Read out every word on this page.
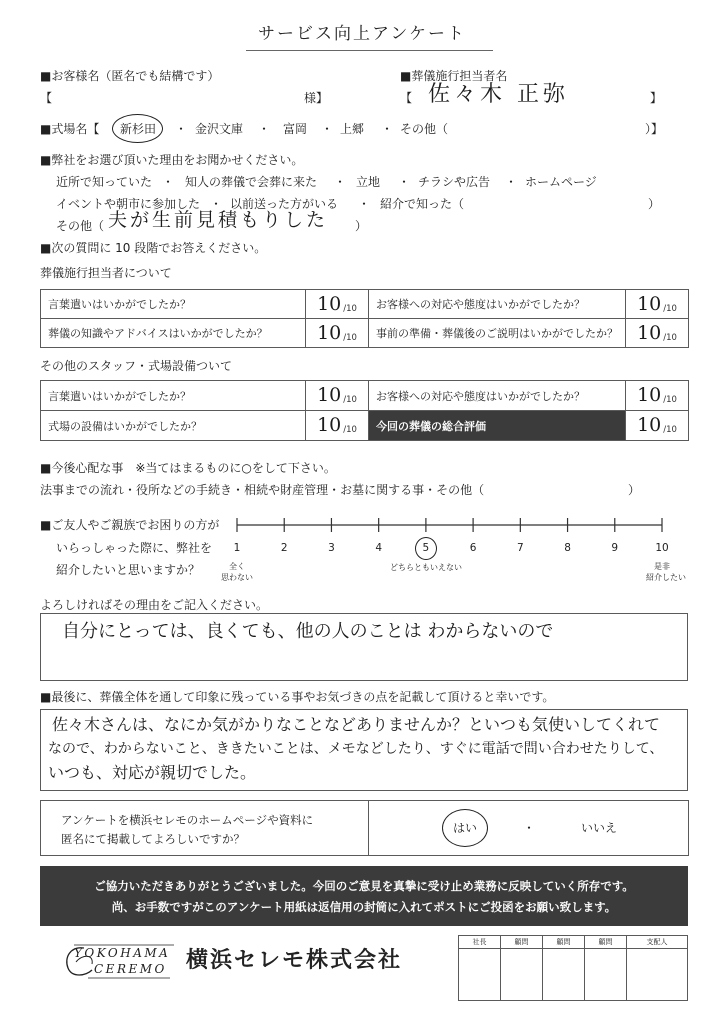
サービス向上アンケート
■お客様名（匿名でも結構です）
【	様】
■葬儀施行担当者名
【 佐々木 正弥	】
■式場名【 新杉田 ・ 金沢文庫 ・ 富岡 ・ 上郷 ・ その他（	）】
■弊社をお選び頂いた理由をお聞かせください。
近所で知っていた ・ 知人の葬儀で会葬に来た ・ 立地 ・ チラシや広告 ・ ホームページ
イベントや朝市に参加した ・ 以前送った方がいる ・ 紹介で知った（	）
その他（ 夫が生前見積もりした ）
■次の質問に 10 段階でお答えください。
葬儀施行担当者について
言葉遣いはいかがでしたか？	10 /10	お客様への対応や態度はいかがでしたか？	10 /10
葬儀の知識やアドバイスはいかがでしたか？	10 /10	事前の準備・葬儀後のご説明はいかがでしたか？	10 /10
その他のスタッフ・式場設備ついて
言葉遣いはいかがでしたか？	10 /10	お客様への対応や態度はいかがでしたか？	10 /10
式場の設備はいかがでしたか？	10 /10	今回の葬儀の総合評価	10 /10
■今後心配な事　※当てはまるものに○をして下さい。
法事までの流れ ・ 役所などの手続き ・ 相続や財産管理 ・ お墓に関する事 ・ その他（	）
■ご友人やご親族でお困りの方が
いらっしゃった際に、弊社を
紹介したいと思いますか？
1	2	3	4	5	6	7	8	9	10
全く
思わない
どちらともいえない	是非
紹介したい
よろしければその理由をご記入ください。
自分にとっては、良くても、他の人のことは わからないので
■最後に、葬儀全体を通して印象に残っている事やお気づきの点を記載して頂けると幸いです。
佐々木さんは、なにか気がかりなことなどありませんか？といつも気使いしてくれて
なので、わからないこと、ききたいことは、メモなどしたり、すぐに電話で問い合わせたりして、
いつも、対応が親切でした。
アンケートを横浜セレモのホームページや資料に
匿名にて掲載してよろしいですか？
はい	・	いいえ
ご協力いただきありがとうございました。今回のご意見を真摯に受け止め業務に反映していく所存です。
尚、お手数ですがこのアンケート用紙は返信用の封筒に入れてポストにご投函をお願い致します。
YOKOHAMA
CEREMO 横浜セレモ株式会社
社長	顧問	顧問	顧問	支配人
